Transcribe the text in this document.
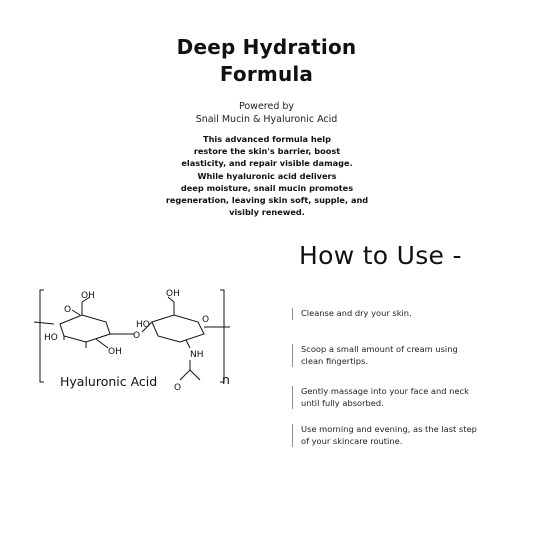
Deep Hydration
Formula
Powered by
Snail Mucin & Hyaluronic Acid
This advanced formula help
restore the skin's barrier, boost
elasticity, and repair visible damage.
While hyaluronic acid delivers
deep moisture, snail mucin promotes
regeneration, leaving skin soft, supple, and
visibly renewed.
OH
O
HO
OH
O
OH
HO	O
NH
O
Hyaluronic Acid	n
How to Use -
Cleanse and dry your skin.
Scoop a small amount of cream using
clean fingertips.
Gently massage into your face and neck
until fully absorbed.
Use morning and evening, as the last step
of your skincare routine.
